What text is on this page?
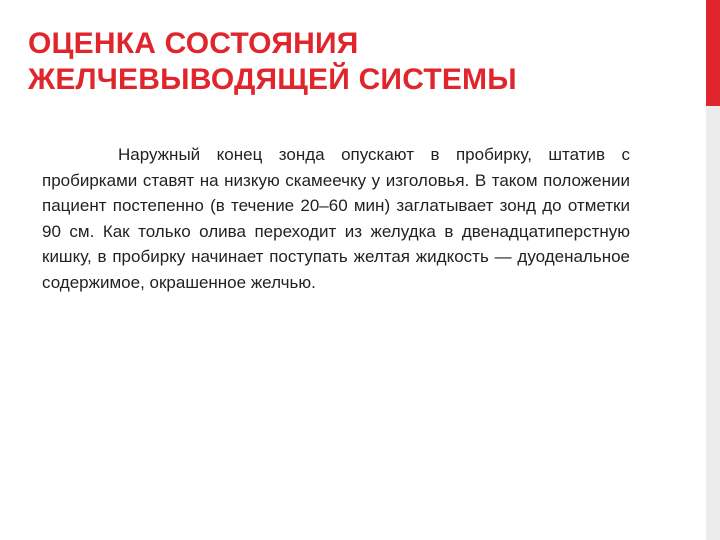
ОЦЕНКА СОСТОЯНИЯ
ЖЕЛЧЕВЫВОДЯЩЕЙ СИСТЕМЫ

Наружный конец зонда опускают в пробирку, штатив с пробирками ставят на низкую скамеечку у изголовья. В таком положении пациент постепенно (в течение 20–60 мин) заглатывает зонд до отметки 90 см. Как только олива переходит из желудка в двенадцатиперстную кишку, в пробирку начинает поступать желтая жидкость — дуоденальное содержимое, окрашенное желчью.
